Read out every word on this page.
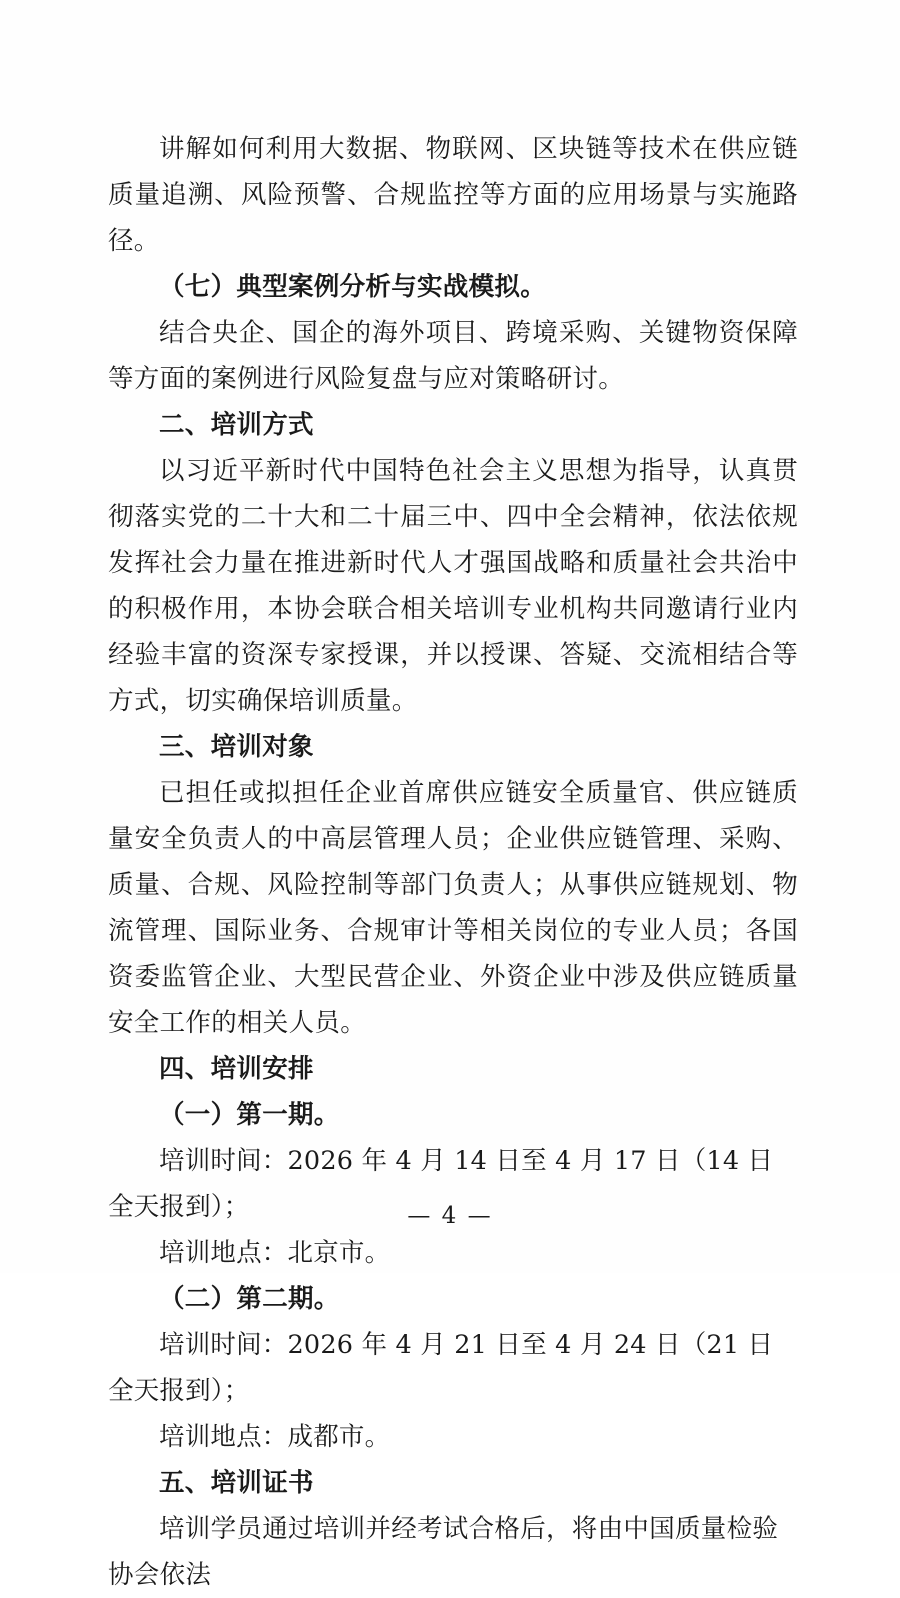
讲解如何利用大数据、物联网、区块链等技术在供应链质量追溯、风险预警、合规监控等方面的应用场景与实施路径。

（七）典型案例分析与实战模拟。

结合央企、国企的海外项目、跨境采购、关键物资保障等方面的案例进行风险复盘与应对策略研讨。

二、培训方式

以习近平新时代中国特色社会主义思想为指导，认真贯彻落实党的二十大和二十届三中、四中全会精神，依法依规发挥社会力量在推进新时代人才强国战略和质量社会共治中的积极作用，本协会联合相关培训专业机构共同邀请行业内经验丰富的资深专家授课，并以授课、答疑、交流相结合等方式，切实确保培训质量。

三、培训对象

已担任或拟担任企业首席供应链安全质量官、供应链质量安全负责人的中高层管理人员；企业供应链管理、采购、质量、合规、风险控制等部门负责人；从事供应链规划、物流管理、国际业务、合规审计等相关岗位的专业人员；各国资委监管企业、大型民营企业、外资企业中涉及供应链质量安全工作的相关人员。

四、培训安排

（一）第一期。

培训时间：2026 年 4 月 14 日至 4 月 17 日（14 日全天报到）；

培训地点：北京市。

（二）第二期。

培训时间：2026 年 4 月 21 日至 4 月 24 日（21 日全天报到）；

培训地点：成都市。

五、培训证书

培训学员通过培训并经考试合格后，将由中国质量检验协会依法

— 4 —
